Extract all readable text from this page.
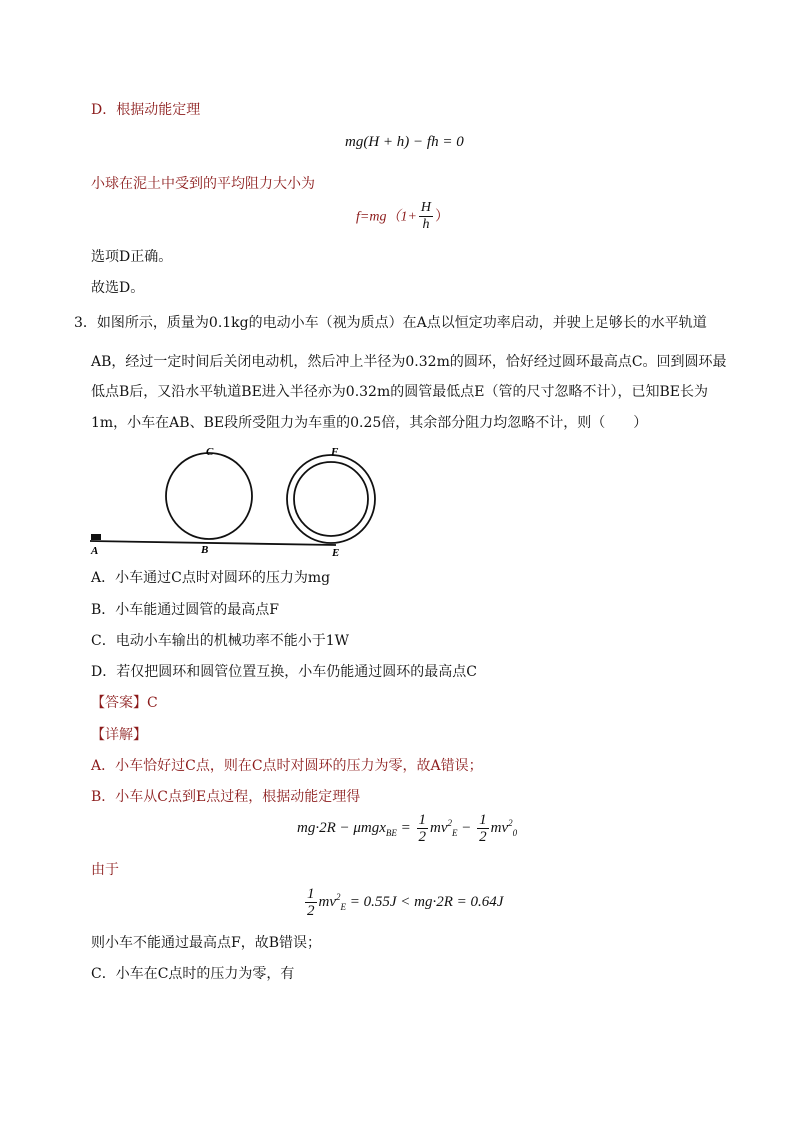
D．根据动能定理
mg(H + h) − fh = 0
小球在泥土中受到的平均阻力大小为
$f=mg(1+ \frac{H}{h}$ ）
选项D正确。
故选D。
3．如图所示，质量为0.1kg的电动小车（视为质点）在A点以恒定功率启动，并驶上足够长的水平轨道
AB，经过一定时间后关闭电动机，然后冲上半径为0.32m的圆环，恰好经过圆环最高点C。回到圆环最
低点B后，又沿水平轨道BE进入半径亦为0.32m的圆管最低点E（管的尺寸忽略不计），已知BE长为
1m，小车在AB、BE段所受阻力为车重的0.25倍，其余部分阻力均忽略不计，则（　　）
A	B
C	F
E
A．小车通过C点时对圆环的压力为mg
B．小车能通过圆管的最高点F
C．电动小车输出的机械功率不能小于1W
D．若仅把圆环和圆管位置互换，小车仍能通过圆环的最高点C
【答案】C
【详解】
A．小车恰好过C点，则在C点时对圆环的压力为零，故A错误；
B．小车从C点到E点过程，根据动能定理得
$mg\cdot 2R - \mu mgx_{BE} = \frac{1}{2} mv^2_E - \frac{1}{2} mv^2_0$
由于
$\frac{1}{2} mv^2_E = 0.55J < mg\cdot 2R = 0.64J$
则小车不能通过最高点F，故B错误；
C．小车在C点时的压力为零，有
